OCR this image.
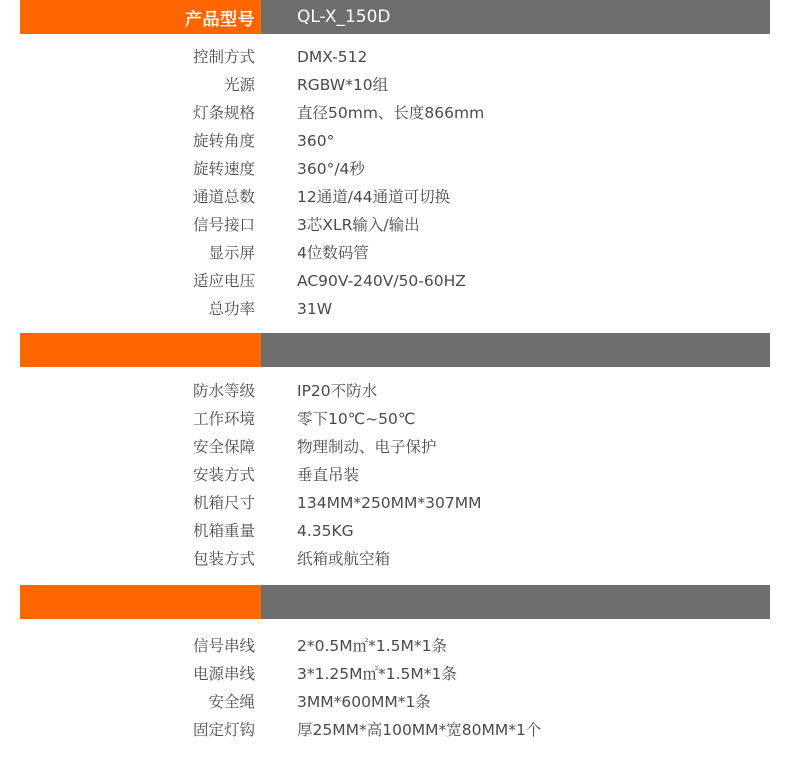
产品型号	QL-X_150D
控制方式	DMX-512
光源	RGBW*10组
灯条规格	直径50mm、长度866mm
旋转角度	360°
旋转速度	360°/4秒
通道总数	12通道/44通道可切换
信号接口	3芯XLR输入/输出
显示屏	4位数码管
适应电压	AC90V-240V/50-60HZ
总功率	31W
防水等级	IP20不防水
工作环境	零下10℃~50℃
安全保障	物理制动、电子保护
安装方式	垂直吊装
机箱尺寸	134MM*250MM*307MM
机箱重量	4.35KG
包装方式	纸箱或航空箱
信号串线	2*0.5M㎡*1.5M*1条
电源串线	3*1.25M㎡*1.5M*1条
安全绳	3MM*600MM*1条
固定灯钩	厚25MM*高100MM*宽80MM*1个
